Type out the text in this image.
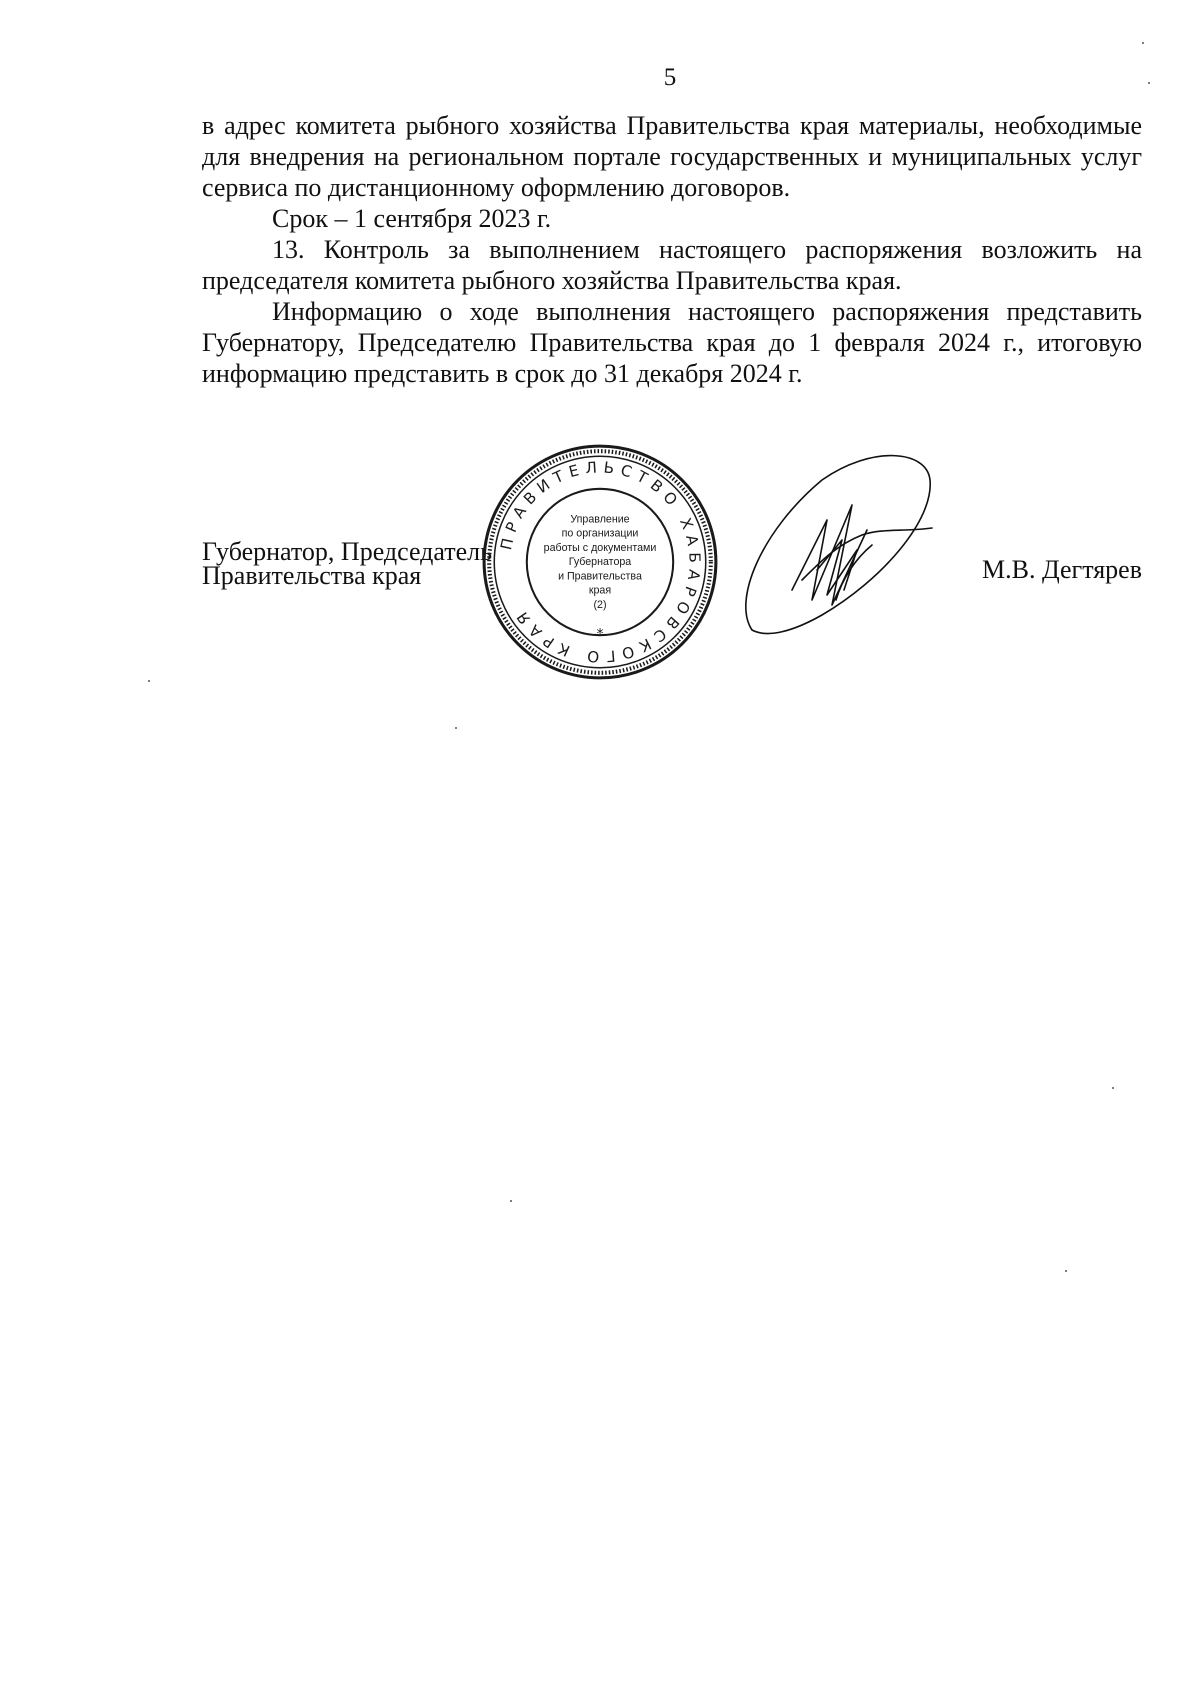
5

в адрес комитета рыбного хозяйства Правительства края материалы, необходимые для внедрения на региональном портале государственных и муниципальных услуг сервиса по дистанционному оформлению договоров.

Срок – 1 сентября 2023 г.

13. Контроль за выполнением настоящего распоряжения возложить на председателя комитета рыбного хозяйства Правительства края.

Информацию о ходе выполнения настоящего распоряжения представить Губернатору, Председателю Правительства края до 1 февраля 2024 г., итоговую информацию представить в срок до 31 декабря 2024 г.

Губернатор, Председатель
Правительства края
ПРАВИТЕЛЬСТВО ХАБАРОВСКОГО КРАЯ
*
Управление
по организации
работы с документами
Губернатора
и Правительства
края
(2)
М.В. Дегтярев
